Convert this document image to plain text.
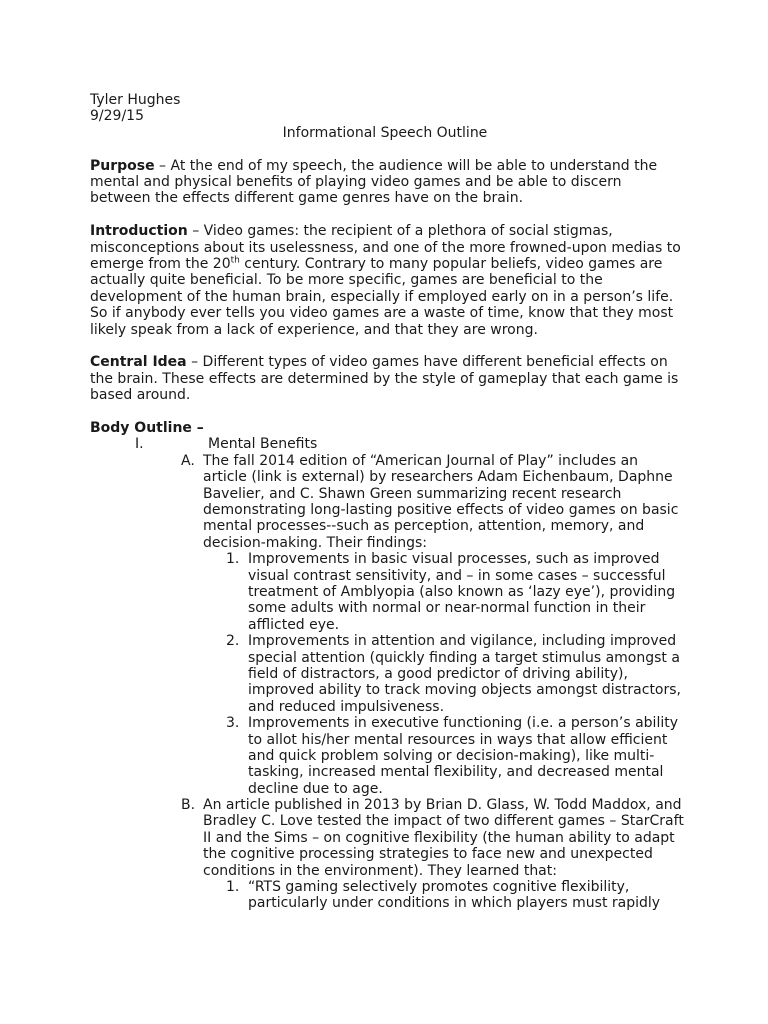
Tyler Hughes
9/29/15
Informational Speech Outline
Purpose – At the end of my speech, the audience will be able to understand the
mental and physical benefits of playing video games and be able to discern
between the effects different game genres have on the brain.
Introduction – Video games: the recipient of a plethora of social stigmas,
misconceptions about its uselessness, and one of the more frowned-upon medias to
emerge from the 20th century. Contrary to many popular beliefs, video games are
actually quite beneficial. To be more specific, games are beneficial to the
development of the human brain, especially if employed early on in a person’s life.
So if anybody ever tells you video games are a waste of time, know that they most
likely speak from a lack of experience, and that they are wrong.
Central Idea – Different types of video games have different beneficial effects on
the brain. These effects are determined by the style of gameplay that each game is
based around.
Body Outline –
I.	Mental Benefits
A. The fall 2014 edition of “American Journal of Play” includes an
article (link is external) by researchers Adam Eichenbaum, Daphne
Bavelier, and C. Shawn Green summarizing recent research
demonstrating long-lasting positive effects of video games on basic
mental processes--such as perception, attention, memory, and
decision-making. Their findings:
1. Improvements in basic visual processes, such as improved
visual contrast sensitivity, and – in some cases – successful
treatment of Amblyopia (also known as ‘lazy eye’), providing
some adults with normal or near-normal function in their
afflicted eye.
2. Improvements in attention and vigilance, including improved
special attention (quickly finding a target stimulus amongst a
field of distractors, a good predictor of driving ability),
improved ability to track moving objects amongst distractors,
and reduced impulsiveness.
3. Improvements in executive functioning (i.e. a person’s ability
to allot his/her mental resources in ways that allow efficient
and quick problem solving or decision-making), like multi-
tasking, increased mental flexibility, and decreased mental
decline due to age.
B. An article published in 2013 by Brian D. Glass, W. Todd Maddox, and
Bradley C. Love tested the impact of two different games – StarCraft
II and the Sims – on cognitive flexibility (the human ability to adapt
the cognitive processing strategies to face new and unexpected
conditions in the environment). They learned that:
1. “RTS gaming selectively promotes cognitive flexibility,
particularly under conditions in which players must rapidly
